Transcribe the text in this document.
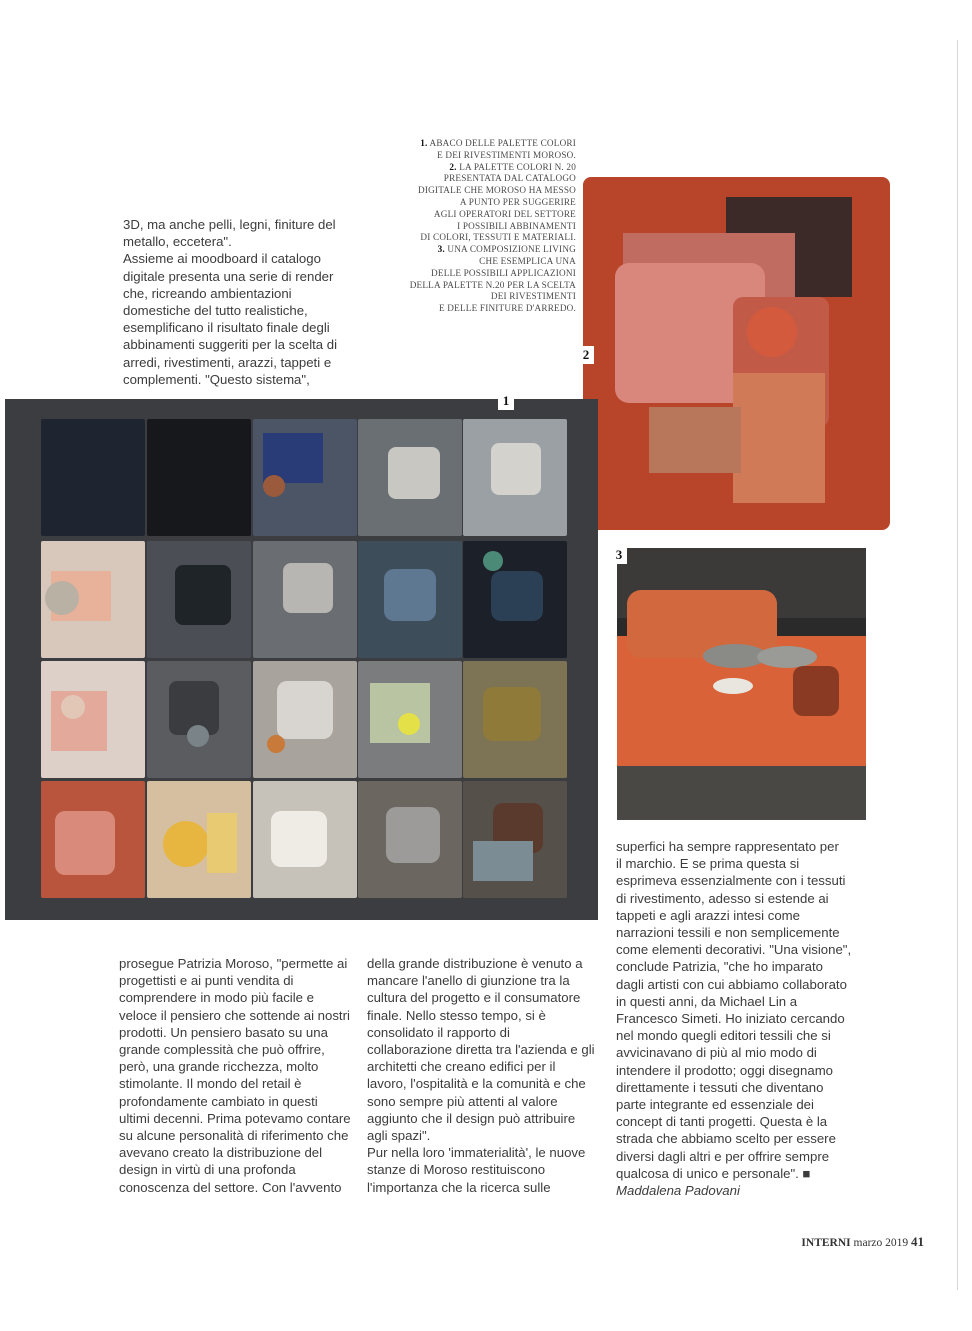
3D, ma anche pelli, legni, finiture del

metallo, eccetera".

Assieme ai moodboard il catalogo

digitale presenta una serie di render

che, ricreando ambientazioni

domestiche del tutto realistiche,

esemplificano il risultato finale degli

abbinamenti suggeriti per la scelta di

arredi, rivestimenti, arazzi, tappeti e

complementi. "Questo sistema",

1. ABACO DELLE PALETTE COLORI
E DEI RIVESTIMENTI MOROSO.
2. LA PALETTE COLORI N. 20
PRESENTATA DAL CATALOGO
DIGITALE CHE MOROSO HA MESSO
A PUNTO PER SUGGERIRE
AGLI OPERATORI DEL SETTORE
I POSSIBILI ABBINAMENTI
DI COLORI, TESSUTI E MATERIALI.
3. UNA COMPOSIZIONE LIVING
CHE ESEMPLICA UNA
DELLE POSSIBILI APPLICAZIONI
DELLA PALETTE N.20 PER LA SCELTA
DEI RIVESTIMENTI
E DELLE FINITURE D'ARREDO.
2
1
3

superfici ha sempre rappresentato per

il marchio. E se prima questa si

esprimeva essenzialmente con i tessuti

di rivestimento, adesso si estende ai

tappeti e agli arazzi intesi come

narrazioni tessili e non semplicemente

come elementi decorativi. "Una visione",

conclude Patrizia, "che ho imparato

dagli artisti con cui abbiamo collaborato

in questi anni, da Michael Lin a

Francesco Simeti. Ho iniziato cercando

nel mondo quegli editori tessili che si

avvicinavano di più al mio modo di

intendere il prodotto; oggi disegnamo

direttamente i tessuti che diventano

parte integrante ed essenziale dei

concept di tanti progetti. Questa è la

strada che abbiamo scelto per essere

diversi dagli altri e per offrire sempre

qualcosa di unico e personale". ■

Maddalena Padovani

prosegue Patrizia Moroso, "permette ai

progettisti e ai punti vendita di

comprendere in modo più facile e

veloce il pensiero che sottende ai nostri

prodotti. Un pensiero basato su una

grande complessità che può offrire,

però, una grande ricchezza, molto

stimolante. Il mondo del retail è

profondamente cambiato in questi

ultimi decenni. Prima potevamo contare

su alcune personalità di riferimento che

avevano creato la distribuzione del

design in virtù di una profonda

conoscenza del settore. Con l'avvento

della grande distribuzione è venuto a

mancare l'anello di giunzione tra la

cultura del progetto e il consumatore

finale. Nello stesso tempo, si è

consolidato il rapporto di

collaborazione diretta tra l'azienda e gli

architetti che creano edifici per il

lavoro, l'ospitalità e la comunità e che

sono sempre più attenti al valore

aggiunto che il design può attribuire

agli spazi".

Pur nella loro 'immaterialità', le nuove

stanze di Moroso restituiscono

l'importanza che la ricerca sulle

INTERNI marzo 2019 41
